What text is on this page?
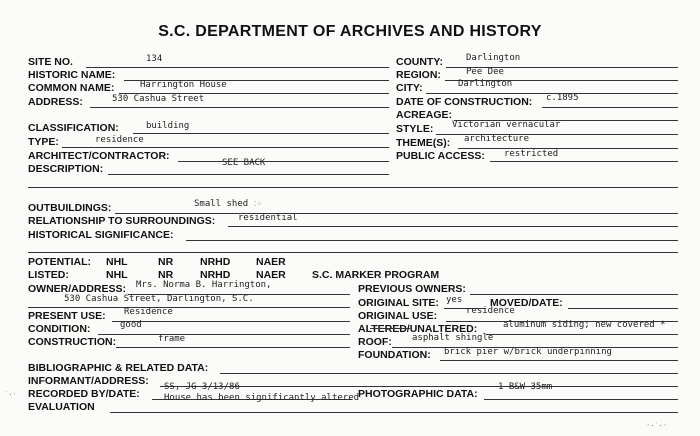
S.C. DEPARTMENT OF ARCHIVES AND HISTORY
SITE NO.	134
HISTORIC NAME:
COMMON NAME:	Harrington House
ADDRESS:	530 Cashua Street
CLASSIFICATION:	building
TYPE:	residence
ARCHITECT/CONTRACTOR:
DESCRIPTION:	SEE BACK
COUNTY:	Darlington
REGION:	Pee Dee
CITY:	Darlington
DATE OF CONSTRUCTION: c.1895
ACREAGE:
STYLE: Victorian vernacular
THEME(S): architecture
PUBLIC ACCESS: restricted
OUTBUILDINGS:	Small shed
RELATIONSHIP TO SURROUNDINGS:	residential
HISTORICAL SIGNIFICANCE:
POTENTIAL: NHL	NR	NRHD NAER
LISTED:	NHL	NR	NRHD NAER S.C. MARKER PROGRAM
OWNER/ADDRESS: Mrs. Norma B. Harrington,
530 Cashua Street, Darlington, S.C.
PREVIOUS OWNERS:
ORIGINAL SITE: yes	MOVED/DATE:
PRESENT USE: Residence	ORIGINAL USE:	residence
CONDITION:	good	ALTERED/UNALTERED:	aluminum siding; new covered *
CONSTRUCTION:	frame	ROOF: asphalt shingle
FOUNDATION: brick pier w/brick underpinning
BIBLIOGRAPHIC & RELATED DATA:
INFORMANT/ADDRESS:
RECORDED BY/DATE:
SS, JG 3/13/86
PHOTOGRAPHIC DATA:
1 B&W 35mm
EVALUATION
House has been significantly altered
⁚⁘
˙·ˑ
ˑ·˙·ˑ
